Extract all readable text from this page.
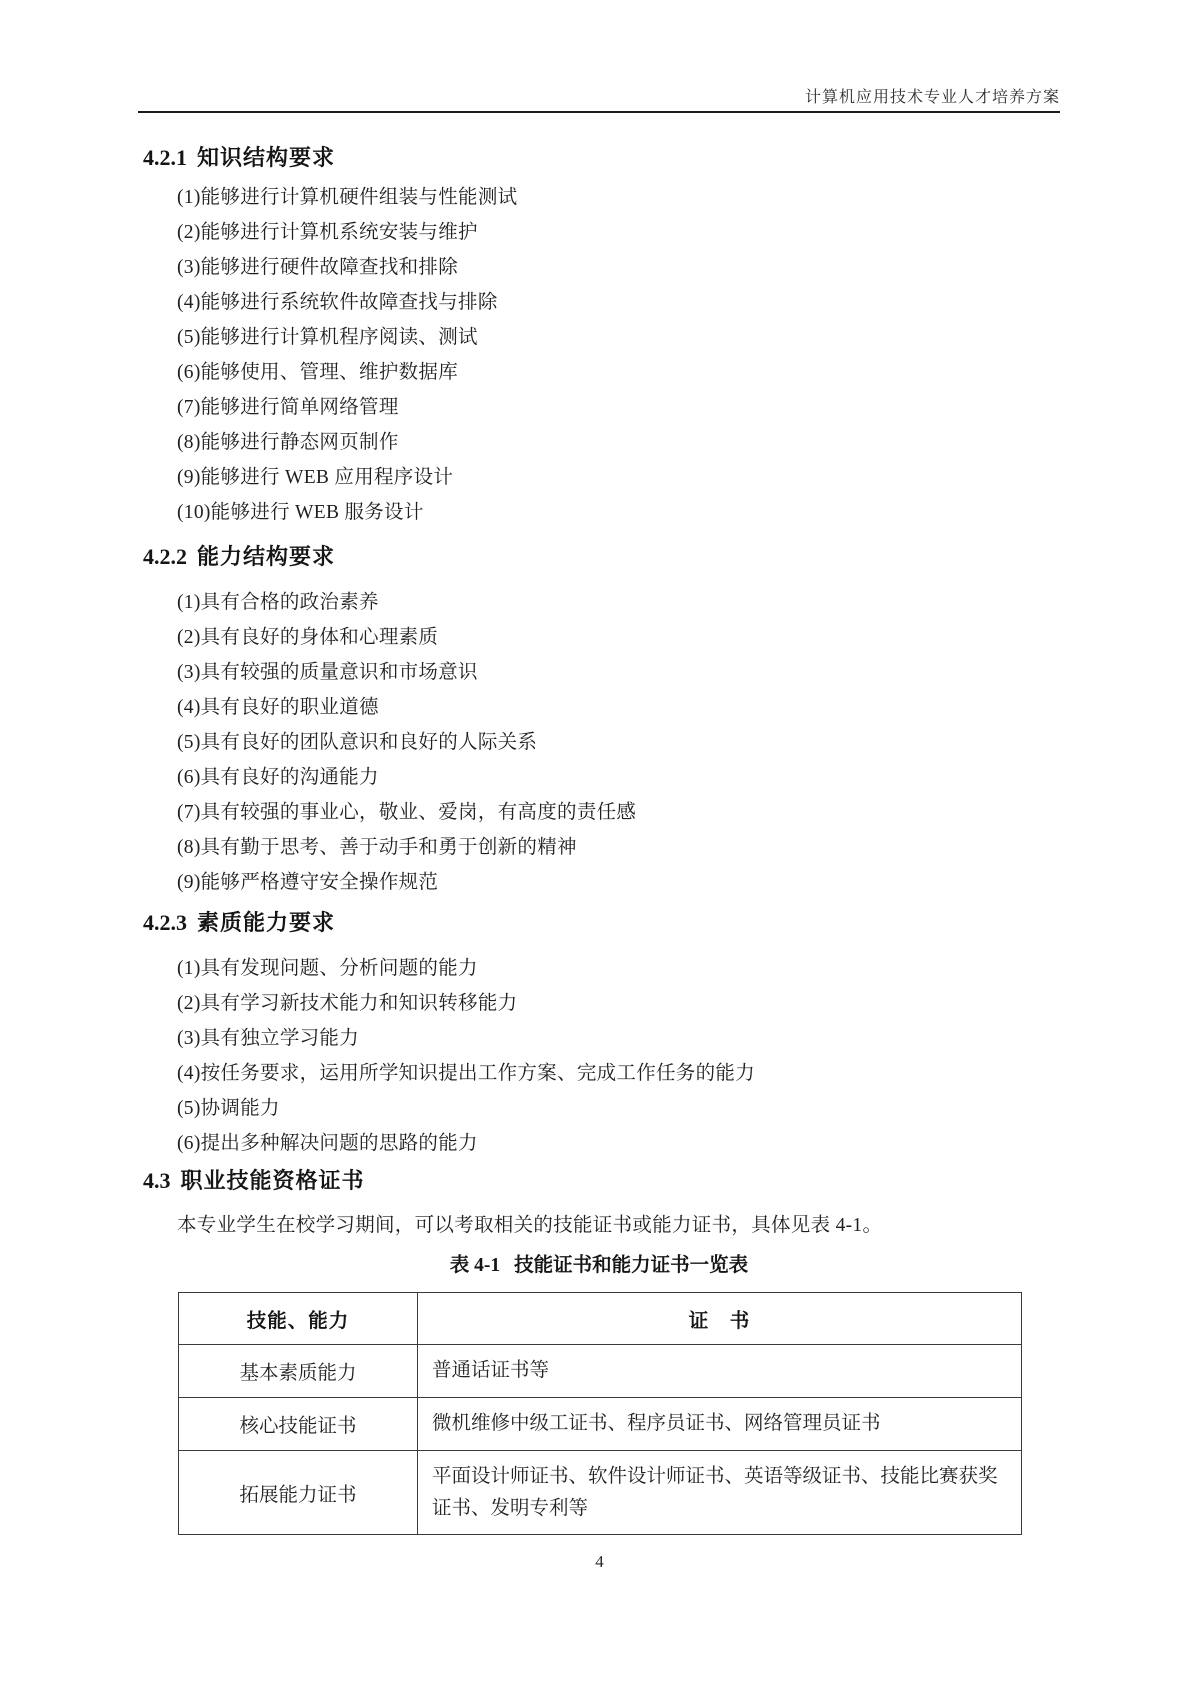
计算机应用技术专业人才培养方案
4.2.1 知识结构要求
(1)能够进行计算机硬件组装与性能测试
(2)能够进行计算机系统安装与维护
(3)能够进行硬件故障查找和排除
(4)能够进行系统软件故障查找与排除
(5)能够进行计算机程序阅读、测试
(6)能够使用、管理、维护数据库
(7)能够进行简单网络管理
(8)能够进行静态网页制作
(9)能够进行 WEB 应用程序设计
(10)能够进行 WEB 服务设计
4.2.2 能力结构要求
(1)具有合格的政治素养
(2)具有良好的身体和心理素质
(3)具有较强的质量意识和市场意识
(4)具有良好的职业道德
(5)具有良好的团队意识和良好的人际关系
(6)具有良好的沟通能力
(7)具有较强的事业心，敬业、爱岗，有高度的责任感
(8)具有勤于思考、善于动手和勇于创新的精神
(9)能够严格遵守安全操作规范
4.2.3 素质能力要求
(1)具有发现问题、分析问题的能力
(2)具有学习新技术能力和知识转移能力
(3)具有独立学习能力
(4)按任务要求，运用所学知识提出工作方案、完成工作任务的能力
(5)协调能力
(6)提出多种解决问题的思路的能力
4.3 职业技能资格证书
本专业学生在校学习期间，可以考取相关的技能证书或能力证书，具体见表 4-1。
表 4-1 技能证书和能力证书一览表
技能、能力	证　书
基本素质能力	普通话证书等
核心技能证书	微机维修中级工证书、程序员证书、网络管理员证书
拓展能力证书	平面设计师证书、软件设计师证书、英语等级证书、技能比赛获奖证书、发明专利等
4
